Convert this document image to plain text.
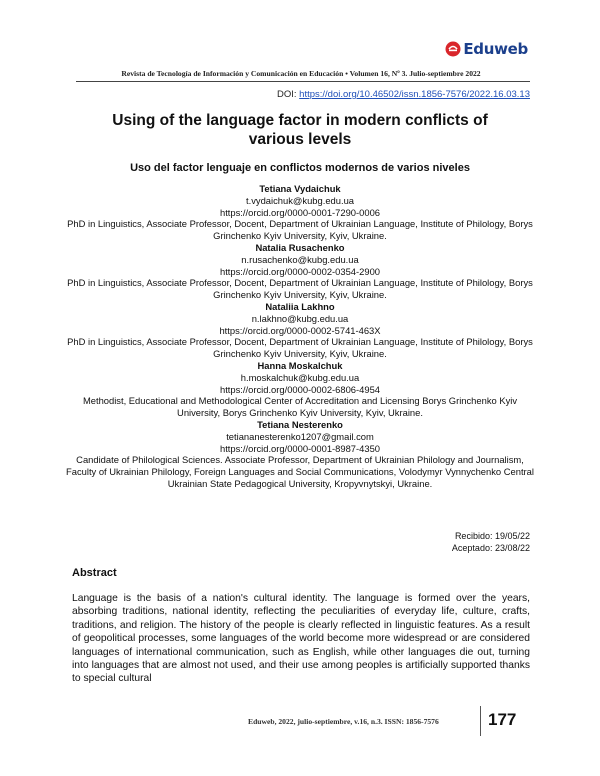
Eduweb
Revista de Tecnología de Información y Comunicación en Educación • Volumen 16, Nº 3. Julio-septiembre 2022
DOI: https://doi.org/10.46502/issn.1856-7576/2022.16.03.13
Using of the language factor in modern conflicts of various levels
Uso del factor lenguaje en conflictos modernos de varios niveles
Tetiana Vydaichuk
t.vydaichuk@kubg.edu.ua
https://orcid.org/0000-0001-7290-0006
PhD in Linguistics, Associate Professor, Docent, Department of Ukrainian Language, Institute of Philology, Borys Grinchenko Kyiv University, Kyiv, Ukraine.
Natalia Rusachenko
n.rusachenko@kubg.edu.ua
https://orcid.org/0000-0002-0354-2900
PhD in Linguistics, Associate Professor, Docent, Department of Ukrainian Language, Institute of Philology, Borys Grinchenko Kyiv University, Kyiv, Ukraine.
Nataliia Lakhno
n.lakhno@kubg.edu.ua
https://orcid.org/0000-0002-5741-463X
PhD in Linguistics, Associate Professor, Docent, Department of Ukrainian Language, Institute of Philology, Borys Grinchenko Kyiv University, Kyiv, Ukraine.
Hanna Moskalchuk
h.moskalchuk@kubg.edu.ua
https://orcid.org/0000-0002-6806-4954
Methodist, Educational and Methodological Center of Accreditation and Licensing Borys Grinchenko Kyiv University, Borys Grinchenko Kyiv University, Kyiv, Ukraine.
Tetiana Nesterenko
tetiananesterenko1207@gmail.com
https://orcid.org/0000-0001-8987-4350
Candidate of Philological Sciences. Associate Professor, Department of Ukrainian Philology and Journalism, Faculty of Ukrainian Philology, Foreign Languages and Social Communications, Volodymyr Vynnychenko Central Ukrainian State Pedagogical University, Kropyvnytskyi, Ukraine.
Recibido: 19/05/22
Aceptado: 23/08/22
Abstract
Language is the basis of a nation's cultural identity. The language is formed over the years, absorbing traditions, national identity, reflecting the peculiarities of everyday life, culture, crafts, traditions, and religion. The history of the people is clearly reflected in linguistic features. As a result of geopolitical processes, some languages of the world become more widespread or are considered languages of international communication, such as English, while other languages die out, turning into languages that are almost not used, and their use among peoples is artificially supported thanks to special cultural
Eduweb, 2022, julio-septiembre, v.16, n.3. ISSN: 1856-7576	177
